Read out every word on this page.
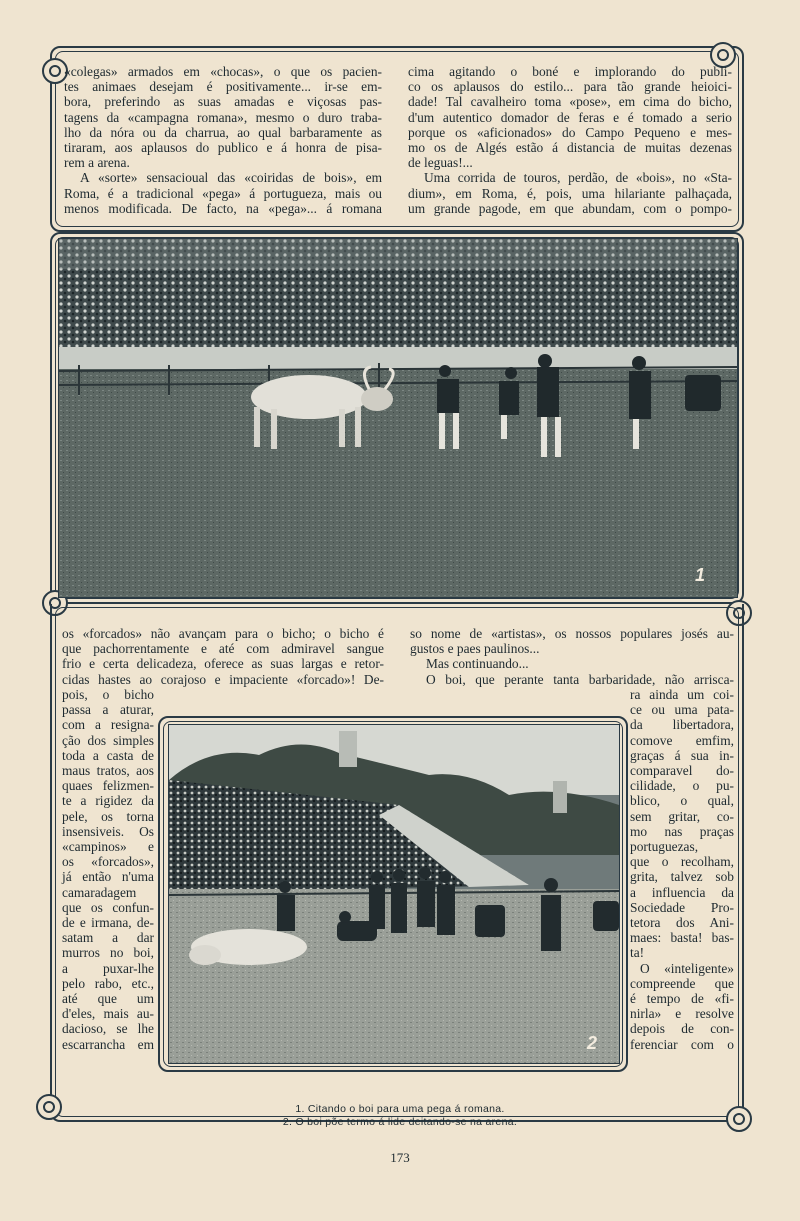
«colegas» armados em «chocas», o que os pacien-

tes animaes desejam é positivamente... ir-se em-

bora, preferindo as suas amadas e viçosas pas-

tagens da «campagna romana», mesmo o duro traba-

lho da nóra ou da charrua, ao qual barbaramente as

tiraram, aos aplausos do publico e á honra de pisa-

rem a arena.

A «sorte» sensacioual das «coiridas de bois», em

Roma, é a tradicional «pega» á portugueza, mais ou

menos modificada. De facto, na «pega»... á romana

cima agitando o boné e implorando do publi-

co os aplausos do estilo... para tão grande heioici-

dade! Tal cavalheiro toma «pose», em cima do bicho,

d'um autentico domador de feras e é tomado a serio

porque os «aficionados» do Campo Pequeno e mes-

mo os de Algés estão á distancia de muitas dezenas

de leguas!...

Uma corrida de touros, perdão, de «bois», no «Sta-

dium», em Roma, é, pois, uma hilariante palhaçada,

um grande pagode, em que abundam, com o pompo-

1

os «forcados» não avançam para o bicho; o bicho é

que pachorrentamente e até com admiravel sangue

frio e certa delicadeza, oferece as suas largas e retor-

cidas hastes ao corajoso e impaciente «forcado»! De-

so nome de «artistas», os nossos populares josés au-

gustos e paes paulinos...

Mas continuando...

O boi, que perante tanta barbaridade, não arrisca-

pois, o bicho

passa a aturar,

com a resigna-

ção dos simples

toda a casta de

maus tratos, aos

quaes felizmen-

te a rigidez da

pele, os torna

insensiveis. Os

«campinos» e

os «forcados»,

já então n'uma

camaradagem

que os confun-

de e irmana, de-

satam a dar

murros no boi,

a puxar-lhe

pelo rabo, etc.,

até que um

d'eles, mais au-

dacioso, se lhe

escarrancha em

ra ainda um coi-

ce ou uma pata-

da libertadora,

comove emfim,

graças á sua in-

comparavel do-

cilidade, o pu-

blico, o qual,

sem gritar, co-

mo nas praças

portuguezas,

que o recolham,

grita, talvez sob

a influencia da

Sociedade Pro-

tetora dos Ani-

maes: basta! bas-

ta!

O «inteligente»

compreende que

é tempo de «fi-

nirla» e resolve

depois de con-

ferenciar com o

2
1. Citando o boi para uma pega á romana.
2. O boi põe termo á lide deitando-se na arena.
173
